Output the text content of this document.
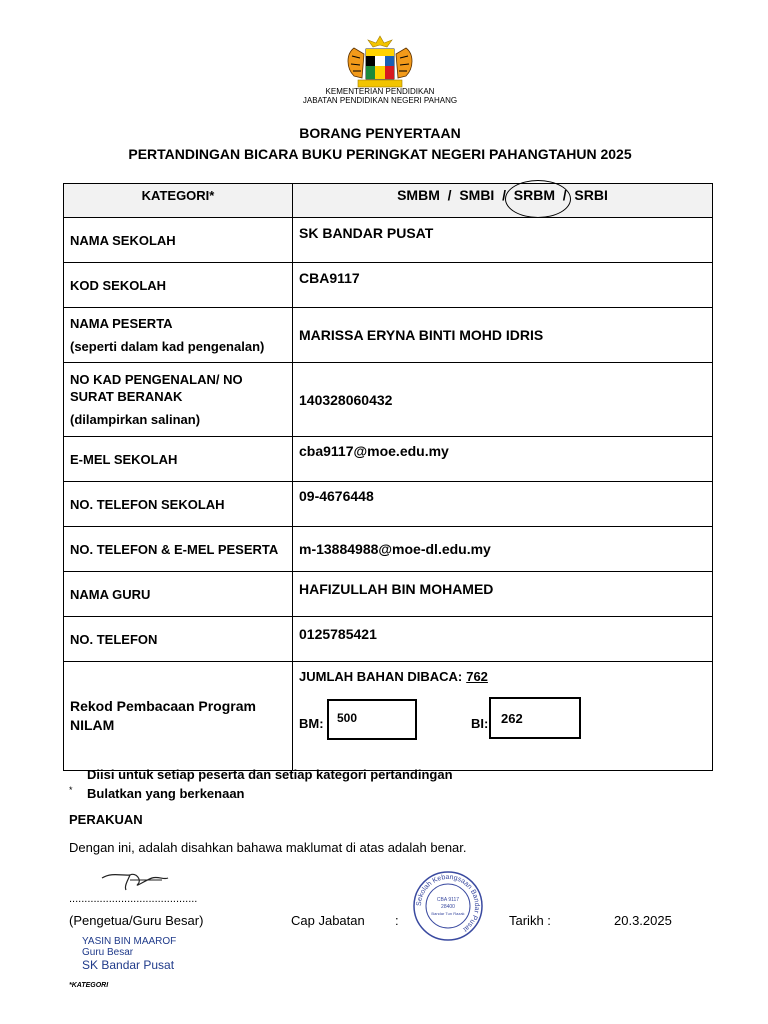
KEMENTERIAN PENDIDIKAN
JABATAN PENDIDIKAN NEGERI PAHANG
BORANG PENYERTAAN
PERTANDINGAN BICARA BUKU PERINGKAT NEGERI PAHANGTAHUN 2025
KATEGORI*	SMBM  /  SMBI  /  SRBM  /  SRBI
NAMA SEKOLAH	SK BANDAR PUSAT
KOD SEKOLAH	CBA9117

NAMA PESERTA
(seperti dalam kad pengenalan)	MARISSA ERYNA BINTI MOHD IDRIS

NO KAD PENGENALAN/ NO SURAT BERANAK
(dilampirkan salinan)	140328060432
E-MEL SEKOLAH	cba9117@moe.edu.my
NO. TELEFON SEKOLAH	09-4676448
NO. TELEFON & E-MEL PESERTA	m-13884988@moe-dl.edu.my
NAMA GURU	HAFIZULLAH BIN MOHAMED
NO. TELEFON	0125785421
Rekod Pembacaan Program NILAM	JUMLAH BAHAN DIBACA: 762
BM: 500 BI: 262
Diisi untuk setiap peserta dan setiap kategori pertandingan
* Bulatkan yang berkenaan
PERAKUAN
Dengan ini, adalah disahkan bahawa maklumat di atas adalah benar.
..........................................
(Pengetua/Guru Besar)	Cap Jabatan :	Tarikh :	20.3.2025
Sekolah Kebangsaan Bandar Pusat
CBA 9117
28400
Bandar Tun Razak
YASIN BIN MAAROF
Guru Besar
SK Bandar Pusat
*KATEGORI
